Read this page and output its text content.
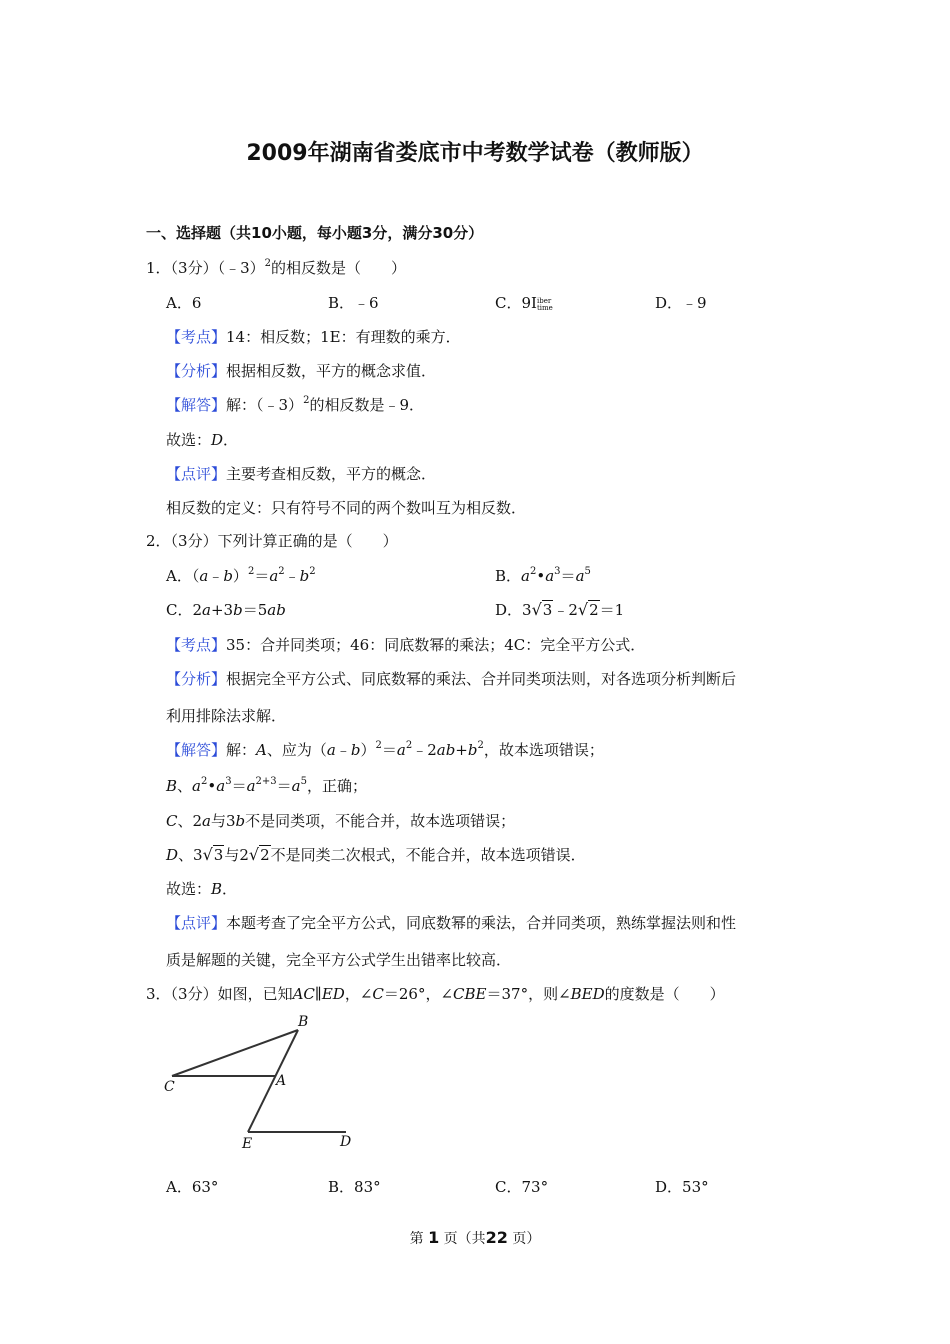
2009年湖南省娄底市中考数学试卷（教师版）
一、选择题（共10小题，每小题3分，满分30分）
1．（3分）（﹣3）$^2$的相反数是（　　）
A．6	B．﹣6	C．9Iiber
time	D．﹣9
【考点】14：相反数；1E：有理数的乘方．
【分析】根据相反数，平方的概念求值．
【解答】解：（﹣3）$^2$的相反数是﹣9．
故选：D．
【点评】主要考查相反数，平方的概念．
相反数的定义：只有符号不同的两个数叫互为相反数．
2．（3分）下列计算正确的是（　　）
A．$(a﹣b)^2=a^2﹣b^2$	B．$a^2•a^3=a^5$
C．2a+3b＝5ab	D．3√3﹣2√2＝1
【考点】35：合并同类项；46：同底数幂的乘法；4C：完全平方公式．
【分析】根据完全平方公式、同底数幂的乘法、合并同类项法则，对各选项分析判断后
利用排除法求解．
【解答】解：A、应为$(a﹣b)^2=a^2﹣2ab+b^2$，故本选项错误；
B、$a^2•a^3=a^{2+3}=a^5$，正确；
C、2a与3b不是同类项，不能合并，故本选项错误；
D、3√3与2√2不是同类二次根式，不能合并，故本选项错误．
故选：B．
【点评】本题考查了完全平方公式，同底数幂的乘法，合并同类项，熟练掌握法则和性
质是解题的关键，完全平方公式学生出错率比较高．
3．（3分）如图，已知AC∥ED，∠C＝26°，∠CBE＝37°，则∠BED的度数是（　　）
B
C	A
E	D
A．63°	B．83°	C．73°	D．53°
第 1 页（共22 页）
